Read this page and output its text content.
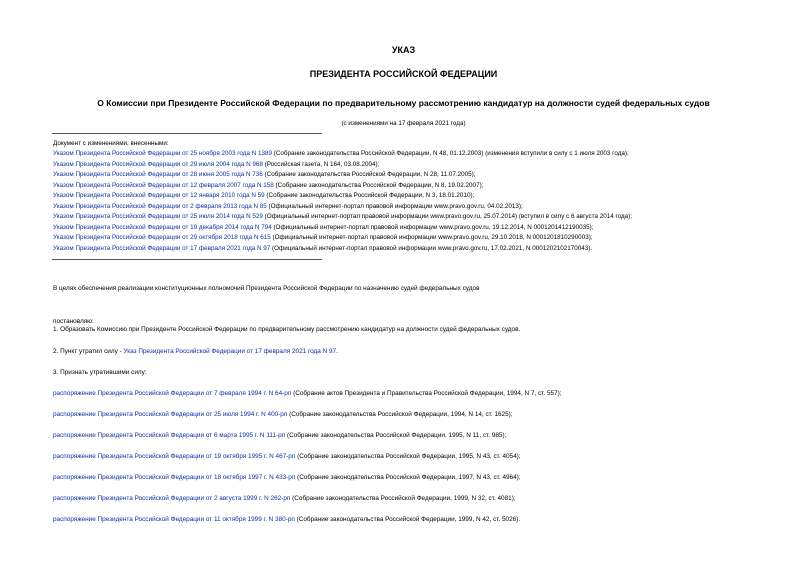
УКАЗ
ПРЕЗИДЕНТА РОССИЙСКОЙ ФЕДЕРАЦИИ
О Комиссии при Президенте Российской Федерации по предварительному рассмотрению кандидатур на должности судей федеральных судов
(с изменениями на 17 февраля 2021 года)
Документ с изменениями, внесенными:
Указом Президента Российской Федерации от 25 ноября 2003 года N 1389 (Собрание законодательства Российской Федерации, N 48, 01.12.2003) (изменения вступили в силу с 1 июля 2003 года);
Указом Президента Российской Федерации от 29 июля 2004 года N 968 (Российская газета, N 164, 03.08.2004);
Указом Президента Российской Федерации от 28 июня 2005 года N 736 (Собрание законодательства Российской Федерации, N 28, 11.07.2005);
Указом Президента Российской Федерации от 12 февраля 2007 года N 158 (Собрание законодательства Российской Федерации, N 8, 19.02.2007);
Указом Президента Российской Федерации от 12 января 2010 года N 59 (Собрание законодательства Российской Федерации, N 3, 18.01.2010);
Указом Президента Российской Федерации от 2 февраля 2013 года N 85 (Официальный интернет-портал правовой информации www.pravo.gov.ru, 04.02.2013);
Указом Президента Российской Федерации от 25 июля 2014 года N 529 (Официальный интернет-портал правовой информации www.pravo.gov.ru, 25.07.2014) (вступил в силу с 6 августа 2014 года);
Указом Президента Российской Федерации от 19 декабря 2014 года N 794 (Официальный интернет-портал правовой информации www.pravo.gov.ru, 19.12.2014, N 0001201412190035);
Указом Президента Российской Федерации от 29 октября 2018 года N 615 (Официальный интернет-портал правовой информации www.pravo.gov.ru, 29.10.2018, N 0001201810290003);
Указом Президента Российской Федерации от 17 февраля 2021 года N 97 (Официальный интернет-портал правовой информации www.pravo.gov.ru, 17.02.2021, N 0001202102170043).
В целях обеспечения реализации конституционных полномочий Президента Российской Федерации по назначению судей федеральных судов
постановляю:
1. Образовать Комиссию при Президенте Российской Федерации по предварительному рассмотрению кандидатур на должности судей федеральных судов.
2. Пункт утратил силу - Указ Президента Российской Федерации от 17 февраля 2021 года N 97.
3. Признать утратившими силу:
распоряжение Президента Российской Федерации от 7 февраля 1994 г. N 64-рп (Собрание актов Президента и Правительства Российской Федерации, 1994, N 7, ст. 557);
распоряжение Президента Российской Федерации от 25 июля 1994 г. N 400-рп (Собрание законодательства Российской Федерации, 1994, N 14, ст. 1625);
распоряжение Президента Российской Федерации от 6 марта 1995 г. N 111-рп (Собрание законодательства Российской Федерации, 1995, N 11, ст. 985);
распоряжение Президента Российской Федерации от 19 октября 1995 г. N 467-рп (Собрание законодательства Российской Федерации, 1995, N 43, ст. 4054);
распоряжение Президента Российской Федерации от 18 октября 1997 г. N 433-рп (Собрание законодательства Российской Федерации, 1997, N 43, ст. 4964);
распоряжение Президента Российской Федерации от 2 августа 1999 г. N 262-рп (Собрание законодательства Российской Федерации, 1999, N 32, ст. 4081);
распоряжение Президента Российской Федерации от 11 октября 1999 г. N 380-рп (Собрание законодательства Российской Федерации, 1999, N 42, ст. 5026).
